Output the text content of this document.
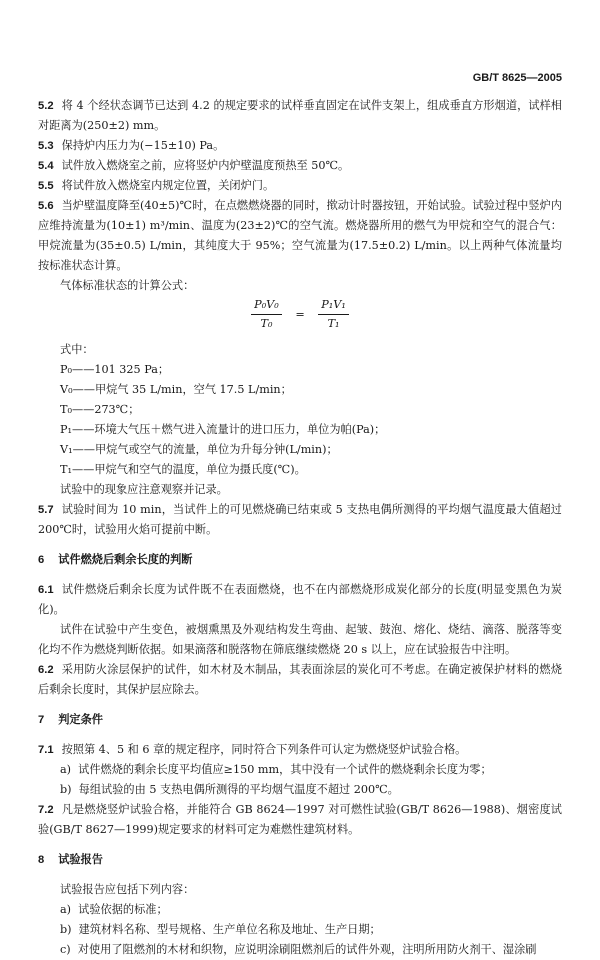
GB/T 8625—2005

5.2 将 4 个经状态调节已达到 4.2 的规定要求的试样垂直固定在试件支架上，组成垂直方形烟道，试样相对距离为(250±2) mm。

5.3 保持炉内压力为(−15±10) Pa。

5.4 试件放入燃烧室之前，应将竖炉内炉壁温度预热至 50℃。

5.5 将试件放入燃烧室内规定位置，关闭炉门。

5.6 当炉壁温度降至(40±5)℃时，在点燃燃烧器的同时，揿动计时器按钮，开始试验。试验过程中竖炉内应维持流量为(10±1) m³/min、温度为(23±2)℃的空气流。燃烧器所用的燃气为甲烷和空气的混合气：甲烷流量为(35±0.5) L/min，其纯度大于 95%；空气流量为(17.5±0.2) L/min。以上两种气体流量均按标准状态计算。

气体标准状态的计算公式：

$\frac{\text{P₀V₀}}{\text{T₀}} = \frac{\text{P₁V₁}}{\text{T₁}}$

式中：

P₀——101 325 Pa；

V₀——甲烷气 35 L/min，空气 17.5 L/min；

T₀——273℃；

P₁——环境大气压＋燃气进入流量计的进口压力，单位为帕(Pa)；

V₁——甲烷气或空气的流量，单位为升每分钟(L/min)；

T₁——甲烷气和空气的温度，单位为摄氏度(℃)。

试验中的现象应注意观察并记录。

5.7 试验时间为 10 min，当试件上的可见燃烧确已结束或 5 支热电偶所测得的平均烟气温度最大值超过 200℃时，试验用火焰可提前中断。

6 试件燃烧后剩余长度的判断

6.1 试件燃烧后剩余长度为试件既不在表面燃烧，也不在内部燃烧形成炭化部分的长度(明显变黑色为炭化)。

试件在试验中产生变色，被烟熏黑及外观结构发生弯曲、起皱、鼓泡、熔化、烧结、滴落、脱落等变化均不作为燃烧判断依据。如果滴落和脱落物在筛底继续燃烧 20 s 以上，应在试验报告中注明。

6.2 采用防火涂层保护的试件，如木材及木制品，其表面涂层的炭化可不考虑。在确定被保护材料的燃烧后剩余长度时，其保护层应除去。

7 判定条件

7.1 按照第 4、5 和 6 章的规定程序，同时符合下列条件可认定为燃烧竖炉试验合格。

a) 试件燃烧的剩余长度平均值应≥150 mm，其中没有一个试件的燃烧剩余长度为零；

b) 每组试验的由 5 支热电偶所测得的平均烟气温度不超过 200℃。

7.2 凡是燃烧竖炉试验合格，并能符合 GB 8624—1997 对可燃性试验(GB/T 8626—1988)、烟密度试验(GB/T 8627—1999)规定要求的材料可定为难燃性建筑材料。

8 试验报告

试验报告应包括下列内容：

a) 试验依据的标准；

b) 建筑材料名称、型号规格、生产单位名称及地址、生产日期；

c) 对使用了阻燃剂的木材和织物，应说明涂刷阻燃剂后的试件外观，注明所用防火剂干、湿涂刷
